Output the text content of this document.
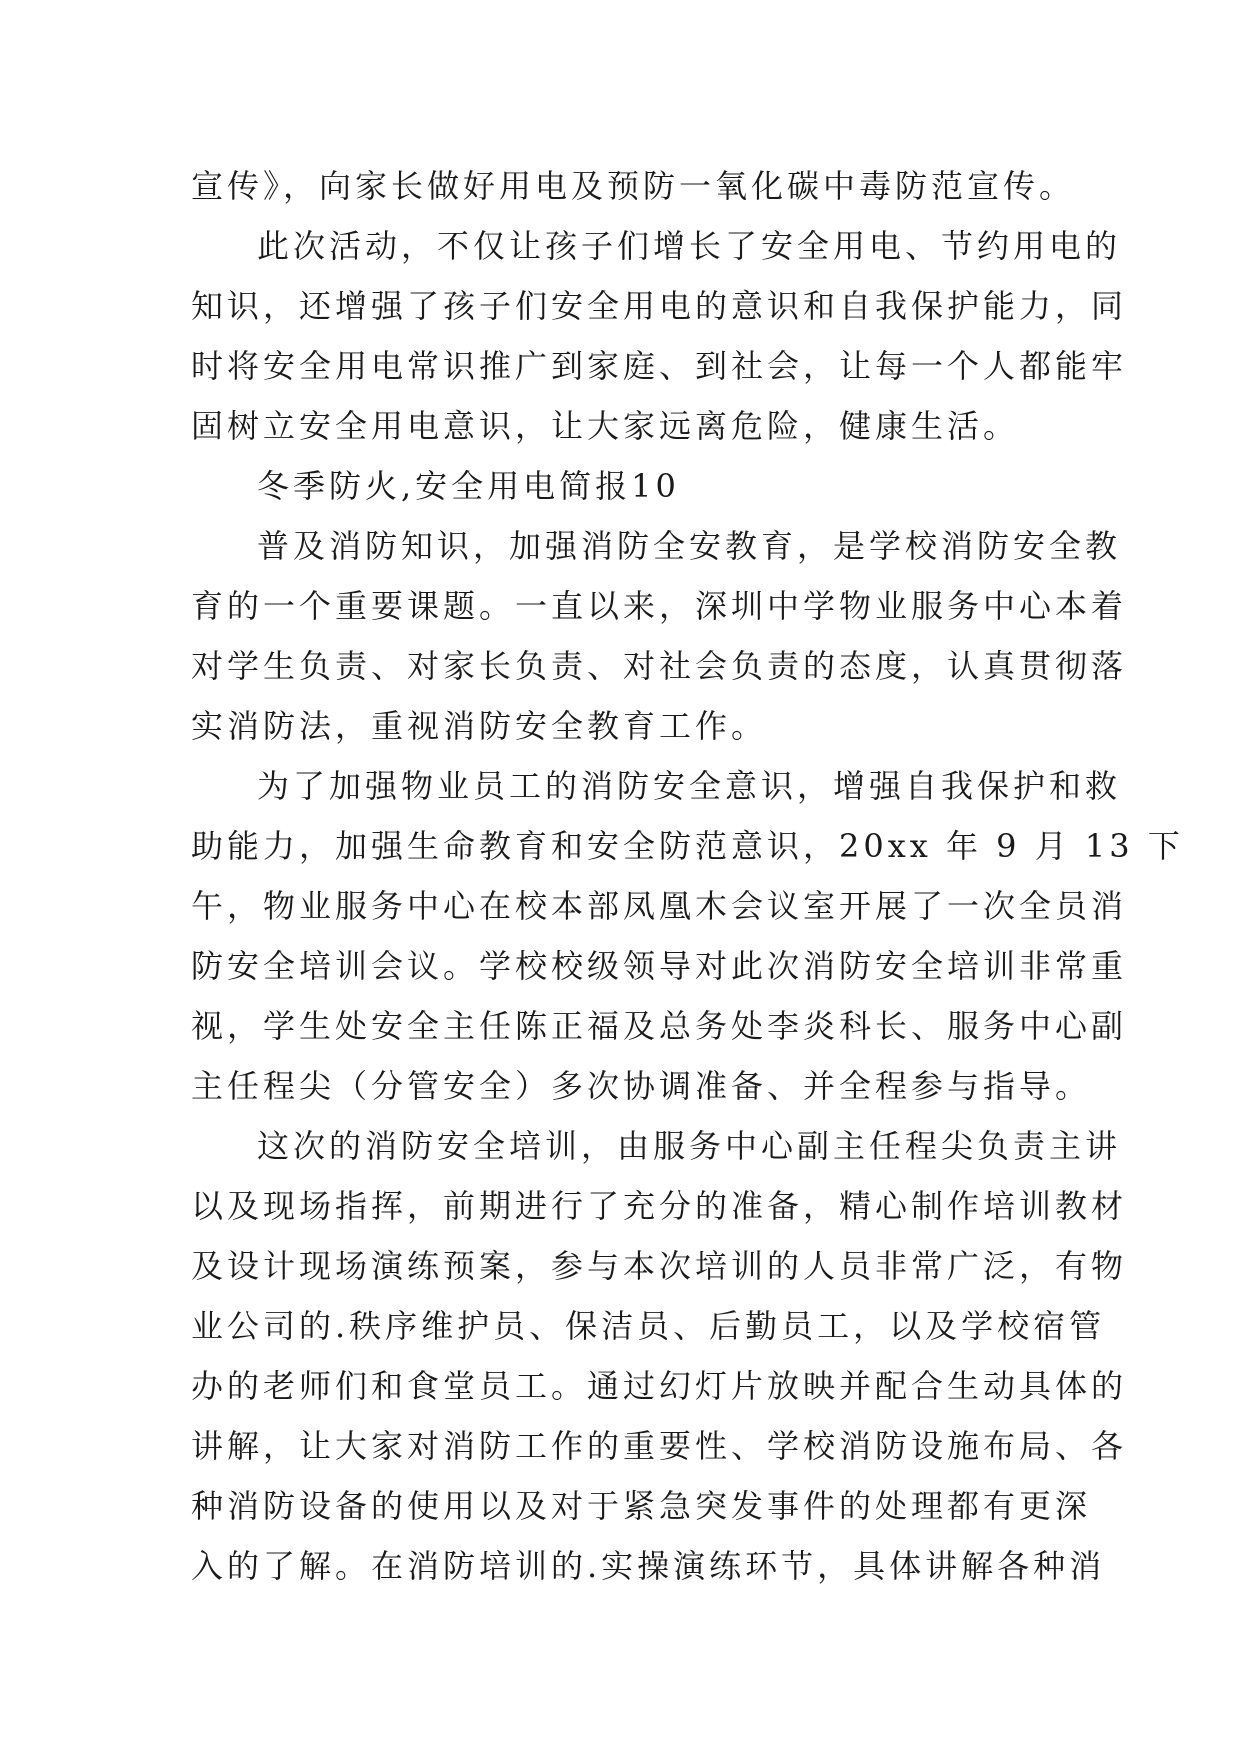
宣传》，向家长做好用电及预防一氧化碳中毒防范宣传。
此次活动，不仅让孩子们增长了安全用电、节约用电的
知识，还增强了孩子们安全用电的意识和自我保护能力，同
时将安全用电常识推广到家庭、到社会，让每一个人都能牢
固树立安全用电意识，让大家远离危险，健康生活。
冬季防火,安全用电简报10
普及消防知识，加强消防全安教育，是学校消防安全教
育的一个重要课题。一直以来，深圳中学物业服务中心本着
对学生负责、对家长负责、对社会负责的态度，认真贯彻落
实消防法，重视消防安全教育工作。
为了加强物业员工的消防安全意识，增强自我保护和救
助能力，加强生命教育和安全防范意识，20xx 年 9 月 13 下
午，物业服务中心在校本部凤凰木会议室开展了一次全员消
防安全培训会议。学校校级领导对此次消防安全培训非常重
视，学生处安全主任陈正福及总务处李炎科长、服务中心副
主任程尖（分管安全）多次协调准备、并全程参与指导。
这次的消防安全培训，由服务中心副主任程尖负责主讲
以及现场指挥，前期进行了充分的准备，精心制作培训教材
及设计现场演练预案，参与本次培训的人员非常广泛，有物
业公司的.秩序维护员、保洁员、后勤员工，以及学校宿管
办的老师们和食堂员工。通过幻灯片放映并配合生动具体的
讲解，让大家对消防工作的重要性、学校消防设施布局、各
种消防设备的使用以及对于紧急突发事件的处理都有更深
入的了解。在消防培训的.实操演练环节，具体讲解各种消
